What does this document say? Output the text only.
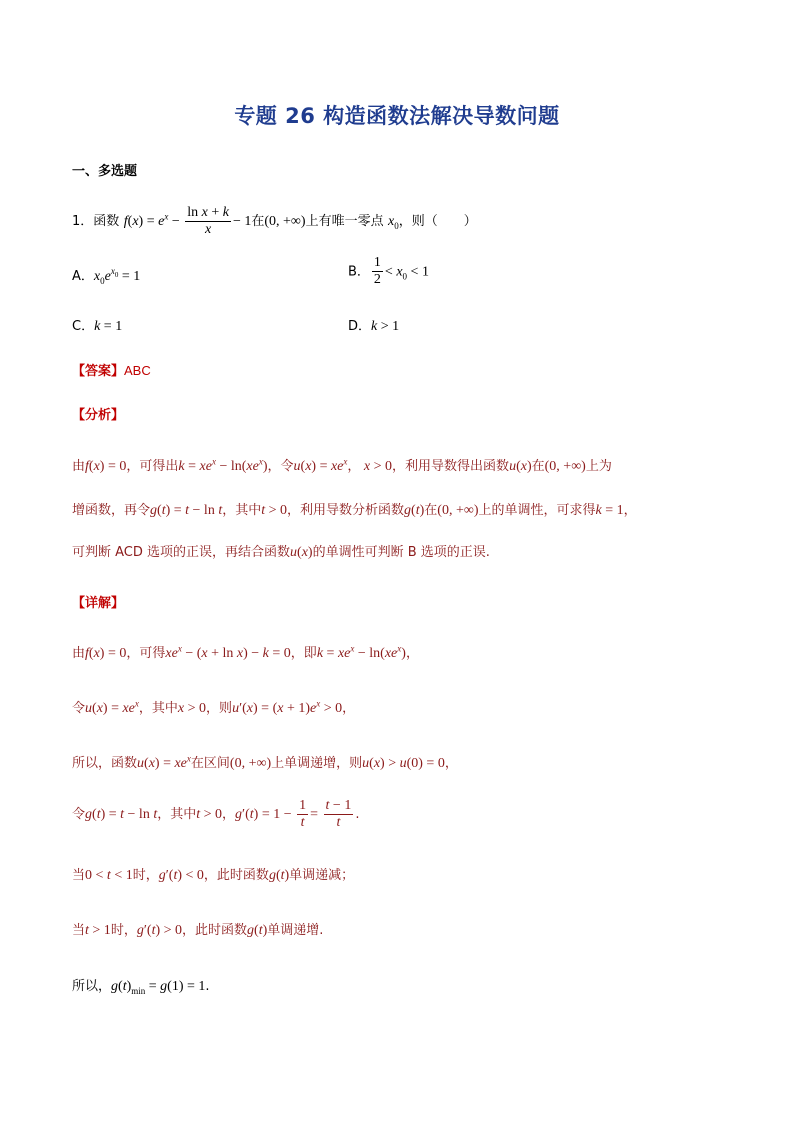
专题 26 构造函数法解决导数问题
一、多选题
1．函数 $f(x) = e^x - \frac{\text{ln x + k}}{x} - 1$在(0, +∞)上有唯一零点 $x_0$，则（　　）
A．$x_0e^{x_0} = 1$	B． $\frac{1}{2} < x_0 < 1$
C．k = 1	D．k > 1
【答案】ABC
【分析】
由f(x) = 0，可得出$k = xe^x - \ln(xe^x)$，令$u(x) = xe^x$， x > 0，利用导数得出函数u(x)在(0, +∞)上为
增函数，再令g(t) = t − ln t，其中t > 0，利用导数分析函数g(t)在(0, +∞)上的单调性，可求得k = 1，
可判断 ACD 选项的正误，再结合函数u(x)的单调性可判断 B 选项的正误.
【详解】
由f(x) = 0，可得$xe^x - (x + \ln x) - k = 0$，即$k = xe^x - \ln(xe^x)$，
令$u(x) = xe^x$，其中x > 0，则$u'(x) = (x + 1)e^x > 0$，
所以，函数$u(x) = xe^x$在区间(0, +∞)上单调递增，则u(x) > u(0) = 0，
令g(t) = t − ln t，其中t > 0，$g'(t) = 1 - \frac{1}{t} = \frac{t - 1}{t}$ .
当0 < t < 1时，g′(t) < 0，此时函数g(t)单调递减；
当t > 1时，g′(t) > 0，此时函数g(t)单调递增.
所以，$g(t)_{min} = g(1) = 1$.
